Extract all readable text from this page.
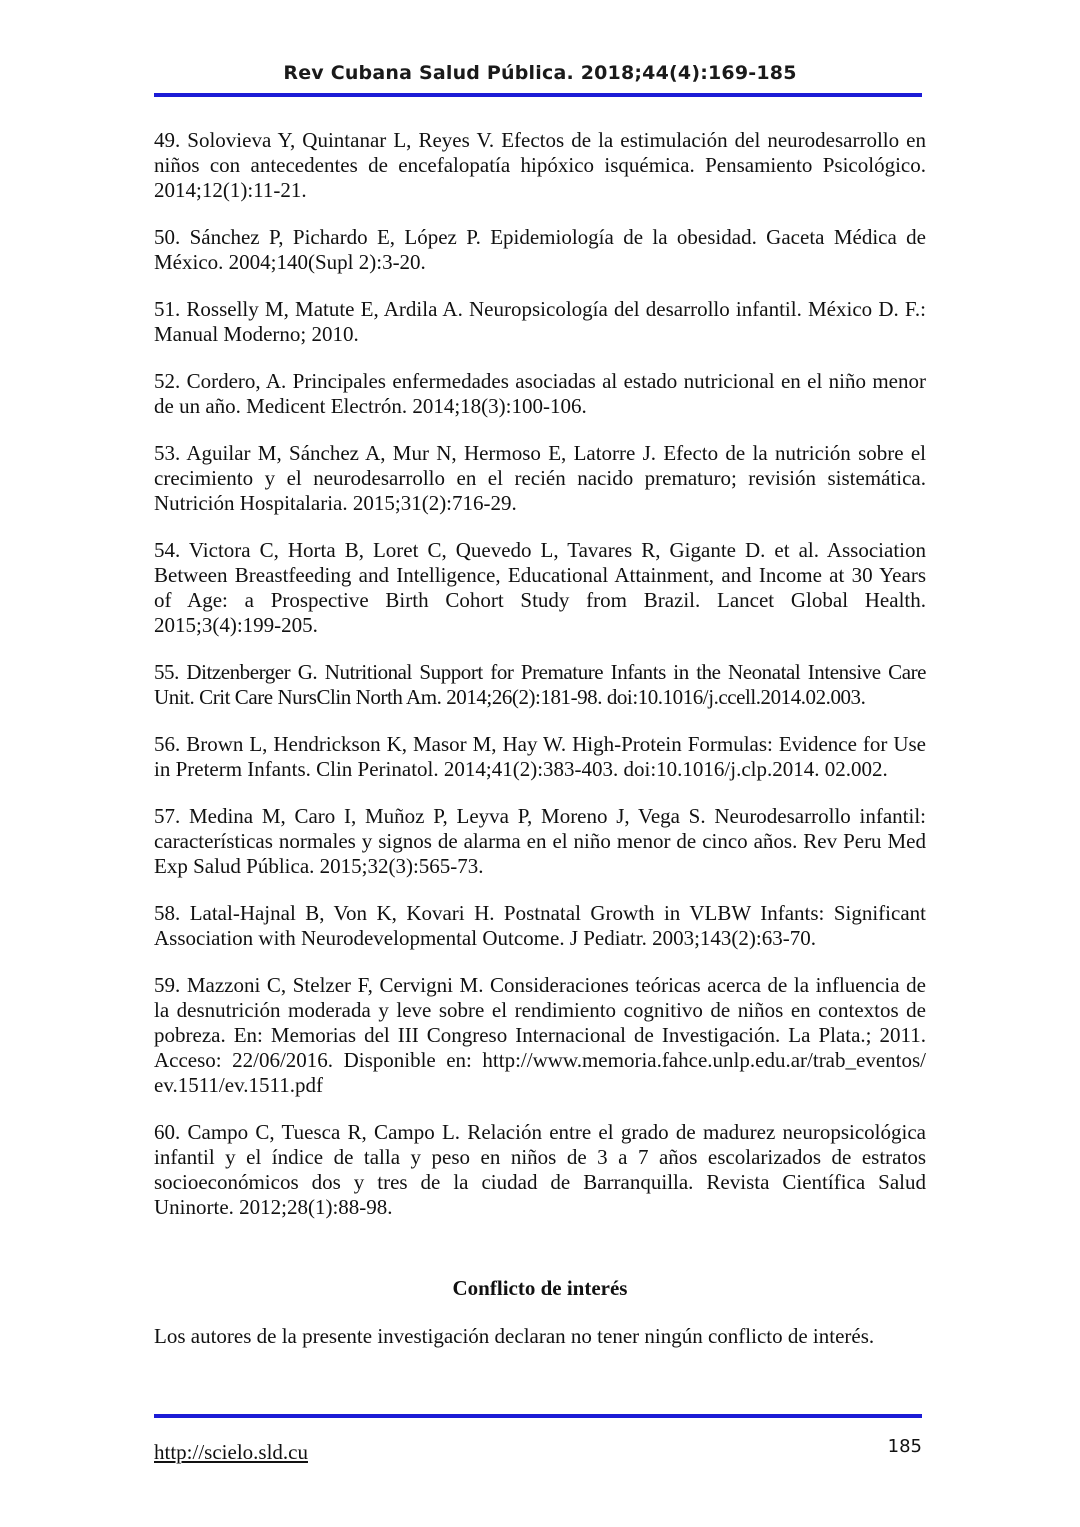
Rev Cubana Salud Pública. 2018;44(4):169-185
49. Solovieva Y, Quintanar L, Reyes V. Efectos de la estimulación del neurodesarrollo en niños con antecedentes de encefalopatía hipóxico isquémica. Pensamiento Psicológico. 2014;12(1):11-21.
50. Sánchez P, Pichardo E, López P. Epidemiología de la obesidad. Gaceta Médica de México. 2004;140(Supl 2):3-20.
51. Rosselly M, Matute E, Ardila A. Neuropsicología del desarrollo infantil. México D. F.: Manual Moderno; 2010.
52. Cordero, A. Principales enfermedades asociadas al estado nutricional en el niño menor de un año. Medicent Electrón. 2014;18(3):100-106.
53. Aguilar M, Sánchez A, Mur N, Hermoso E, Latorre J. Efecto de la nutrición sobre el crecimiento y el neurodesarrollo en el recién nacido prematuro; revisión sistemática. Nutrición Hospitalaria. 2015;31(2):716-29.
54. Victora C, Horta B, Loret C, Quevedo L, Tavares R, Gigante D. et al. Association Between Breastfeeding and Intelligence, Educational Attainment, and Income at 30 Years of Age: a Prospective Birth Cohort Study from Brazil. Lancet Global Health. 2015;3(4):199-205.
55. Ditzenberger G. Nutritional Support for Premature Infants in the Neonatal Intensive Care Unit. Crit Care NursClin North Am. 2014;26(2):181-98. doi:10.1016/j.ccell.2014.02.003.
56. Brown L, Hendrickson K, Masor M, Hay W. High-Protein Formulas: Evidence for Use in Preterm Infants. Clin Perinatol. 2014;41(2):383-403. doi:10.1016/j.clp.2014. 02.002.
57. Medina M, Caro I, Muñoz P, Leyva P, Moreno J, Vega S. Neurodesarrollo infantil: características normales y signos de alarma en el niño menor de cinco años. Rev Peru Med Exp Salud Pública. 2015;32(3):565-73.
58. Latal-Hajnal B, Von K, Kovari H. Postnatal Growth in VLBW Infants: Significant Association with Neurodevelopmental Outcome. J Pediatr. 2003;143(2):63-70.
59. Mazzoni C, Stelzer F, Cervigni M. Consideraciones teóricas acerca de la influencia de la desnutrición moderada y leve sobre el rendimiento cognitivo de niños en contextos de pobreza. En: Memorias del III Congreso Internacional de Investigación. La Plata.; 2011. Acceso: 22/06/2016. Disponible en: http://www.memoria.fahce.unlp.edu.ar/trab_eventos/ ev.1511/ev.1511.pdf
60. Campo C, Tuesca R, Campo L. Relación entre el grado de madurez neuropsicológica infantil y el índice de talla y peso en niños de 3 a 7 años escolarizados de estratos socioeconómicos dos y tres de la ciudad de Barranquilla. Revista Científica Salud Uninorte. 2012;28(1):88-98.
Conflicto de interés

Los autores de la presente investigación declaran no tener ningún conflicto de interés.

http://scielo.sld.cu	185
